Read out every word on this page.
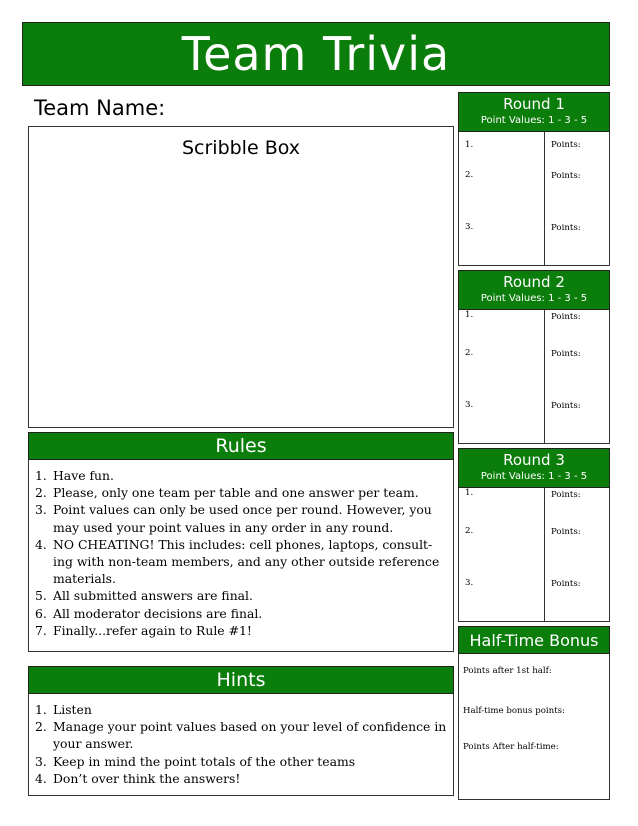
Team Trivia
Team Name:
Scribble Box
Rules
1. Have fun.
2. Please, only one team per table and one answer per team.
3. Point values can only be used once per round. However, you may used your point values in any order in any round.
4. NO CHEATING! This includes: cell phones, laptops, consult-ing with non-team members, and any other outside reference materials.
5. All submitted answers are final.
6. All moderator decisions are final.
7. Finally...refer again to Rule #1!
Hints
1. Listen
2. Manage your point values based on your level of confidence in your answer.
3. Keep in mind the point totals of the other teams
4. Don’t over think the answers!
Round 1
Point Values: 1 - 3 - 5
1.	Points:
2.	Points:
3.	Points:
Round 2
Point Values: 1 - 3 - 5
1.	Points:
2.	Points:
3.	Points:
Round 3
Point Values: 1 - 3 - 5
1.	Points:
2.	Points:
3.	Points:
Half-Time Bonus
Points after 1st half:
Half-time bonus points:
Points After half-time:
